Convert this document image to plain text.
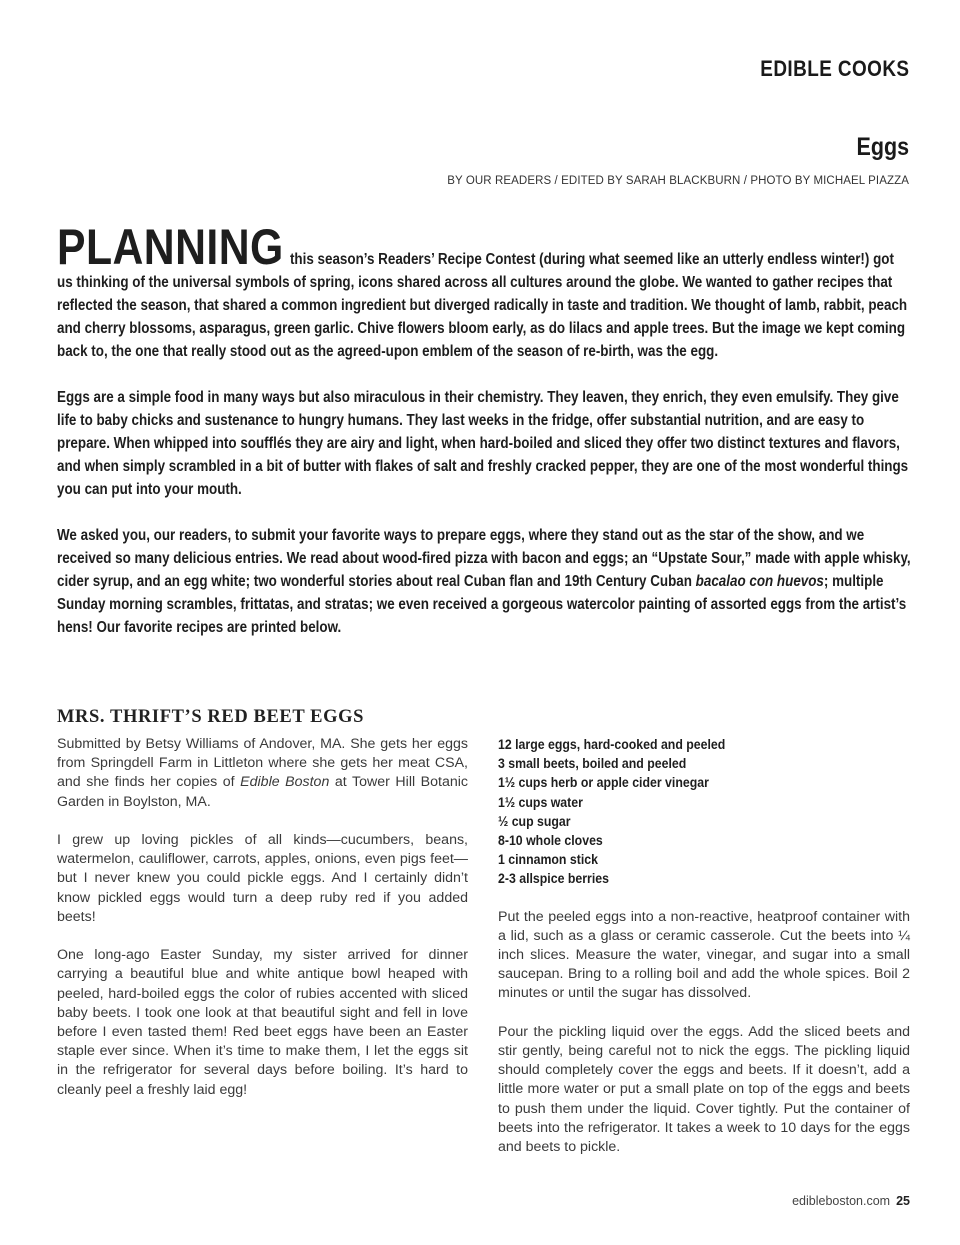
EDIBLE COOKS
Eggs
BY OUR READERS / EDITED BY SARAH BLACKBURN / PHOTO BY MICHAEL PIAZZA

PLANNING this season’s Readers’ Recipe Contest (during what seemed like an utterly endless winter!) got us thinking of the universal symbols of spring, icons shared across all cultures around the globe. We wanted to gather recipes that reflected the season, that shared a common ingredient but diverged radically in taste and tradition. We thought of lamb, rabbit, peach and cherry blossoms, asparagus, green garlic. Chive flowers bloom early, as do lilacs and apple trees. But the image we kept coming back to, the one that really stood out as the agreed-upon emblem of the season of re-birth, was the egg.

Eggs are a simple food in many ways but also miraculous in their chemistry. They leaven, they enrich, they even emulsify. They give life to baby chicks and sustenance to hungry humans. They last weeks in the fridge, offer substantial nutrition, and are easy to prepare. When whipped into soufflés they are airy and light, when hard-boiled and sliced they offer two distinct textures and flavors, and when simply scrambled in a bit of butter with flakes of salt and freshly cracked pepper, they are one of the most wonderful things you can put into your mouth.

We asked you, our readers, to submit your favorite ways to prepare eggs, where they stand out as the star of the show, and we received so many delicious entries. We read about wood-fired pizza with bacon and eggs; an “Upstate Sour,” made with apple whisky, cider syrup, and an egg white; two wonderful stories about real Cuban flan and 19th Century Cuban bacalao con huevos; multiple Sunday morning scrambles, frittatas, and stratas; we even received a gorgeous watercolor painting of assorted eggs from the artist’s hens! Our favorite recipes are printed below.

MRS. THRIFT’S RED BEET EGGS

Submitted by Betsy Williams of Andover, MA. She gets her eggs from Springdell Farm in Littleton where she gets her meat CSA, and she finds her copies of Edible Boston at Tower Hill Botanic Garden in Boylston, MA.

I grew up loving pickles of all kinds—cucumbers, beans, watermelon, cauliflower, carrots, apples, onions, even pigs feet—but I never knew you could pickle eggs. And I certainly didn’t know pickled eggs would turn a deep ruby red if you added beets!

One long-ago Easter Sunday, my sister arrived for dinner carrying a beautiful blue and white antique bowl heaped with peeled, hard-boiled eggs the color of rubies accented with sliced baby beets. I took one look at that beautiful sight and fell in love before I even tasted them! Red beet eggs have been an Easter staple ever since. When it’s time to make them, I let the eggs sit in the refrigerator for several days before boiling. It’s hard to cleanly peel a freshly laid egg!

12 large eggs, hard-cooked and peeled
3 small beets, boiled and peeled
1½ cups herb or apple cider vinegar
1½ cups water
½ cup sugar
8-10 whole cloves
1 cinnamon stick
2-3 allspice berries

Put the peeled eggs into a non-reactive, heatproof container with a lid, such as a glass or ceramic casserole. Cut the beets into ¼ inch slices. Measure the water, vinegar, and sugar into a small saucepan. Bring to a rolling boil and add the whole spices. Boil 2 minutes or until the sugar has dissolved.

Pour the pickling liquid over the eggs. Add the sliced beets and stir gently, being careful not to nick the eggs. The pickling liquid should completely cover the eggs and beets. If it doesn’t, add a little more water or put a small plate on top of the eggs and beets to push them under the liquid. Cover tightly. Put the container of beets into the refrigerator. It takes a week to 10 days for the eggs and beets to pickle.

edibleboston.com 25
